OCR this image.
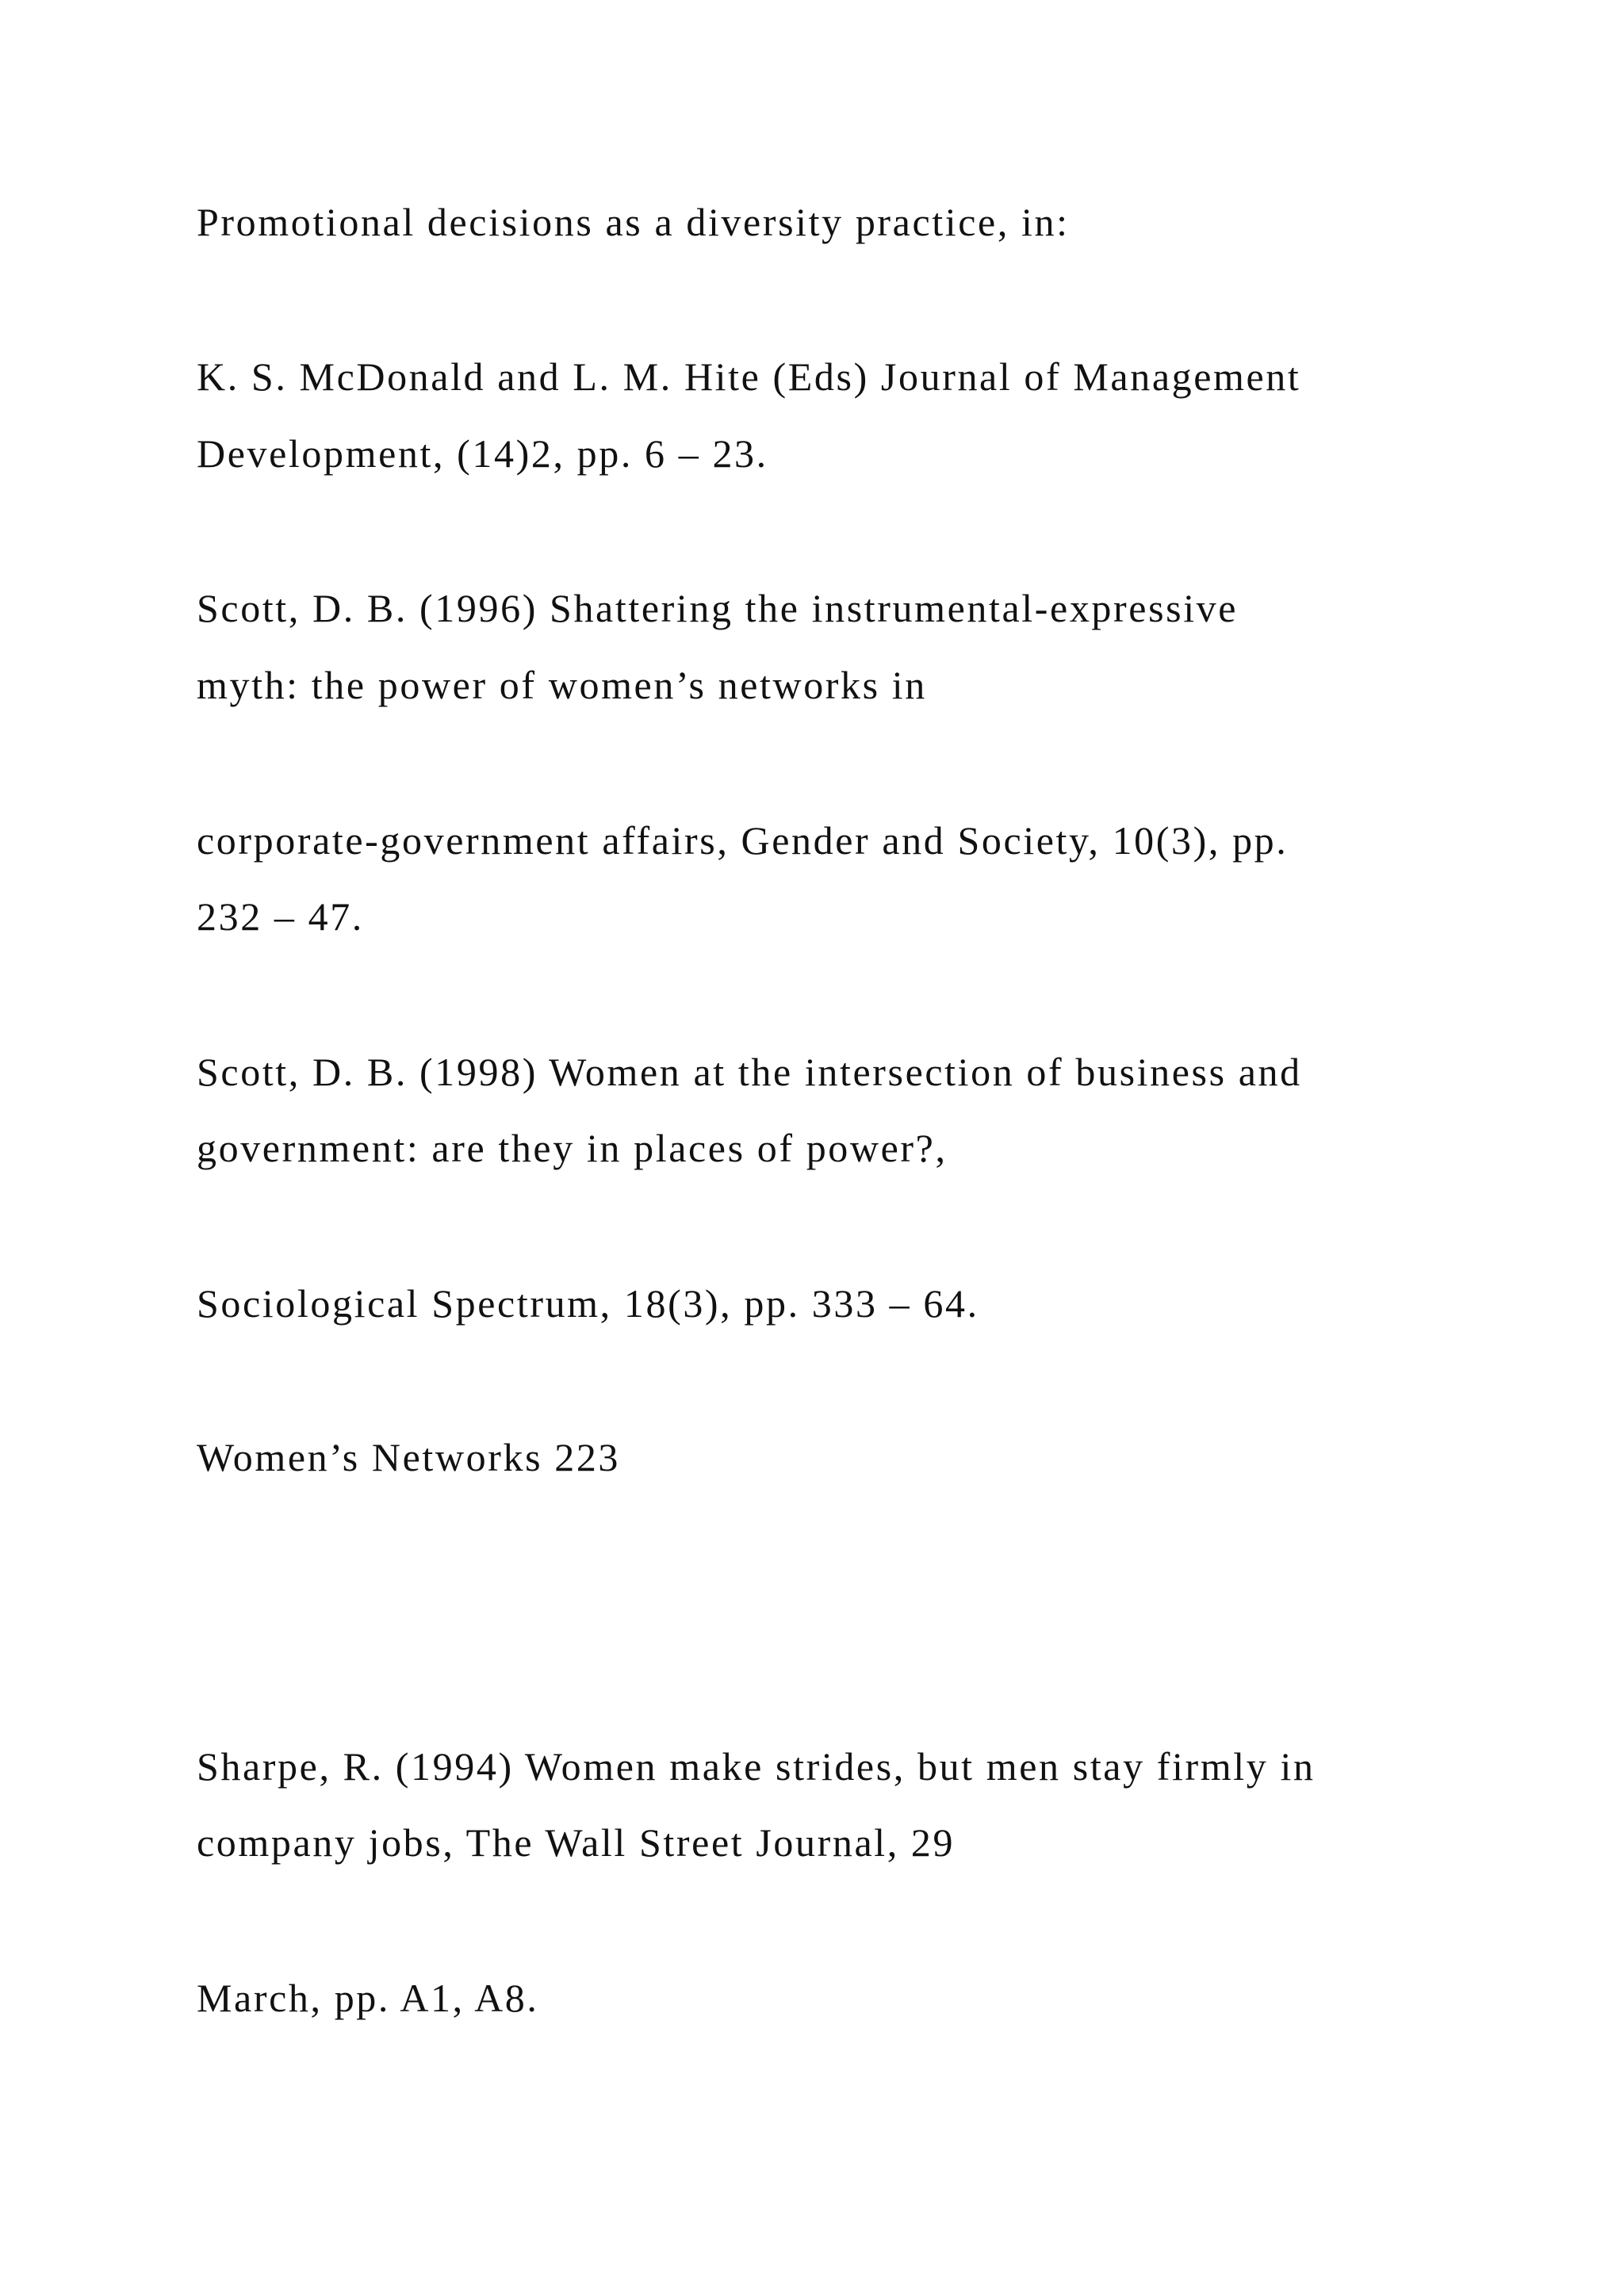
Promotional decisions as a diversity practice, in:

K. S. McDonald and L. M. Hite (Eds) Journal of Management

Development, (14)2, pp. 6 – 23.

Scott, D. B. (1996) Shattering the instrumental-expressive

myth: the power of women’s networks in

corporate-government affairs, Gender and Society, 10(3), pp.

232 – 47.

Scott, D. B. (1998) Women at the intersection of business and

government: are they in places of power?,

Sociological Spectrum, 18(3), pp. 333 – 64.

Women’s Networks 223

Sharpe, R. (1994) Women make strides, but men stay firmly in

company jobs, The Wall Street Journal, 29

March, pp. A1, A8.
